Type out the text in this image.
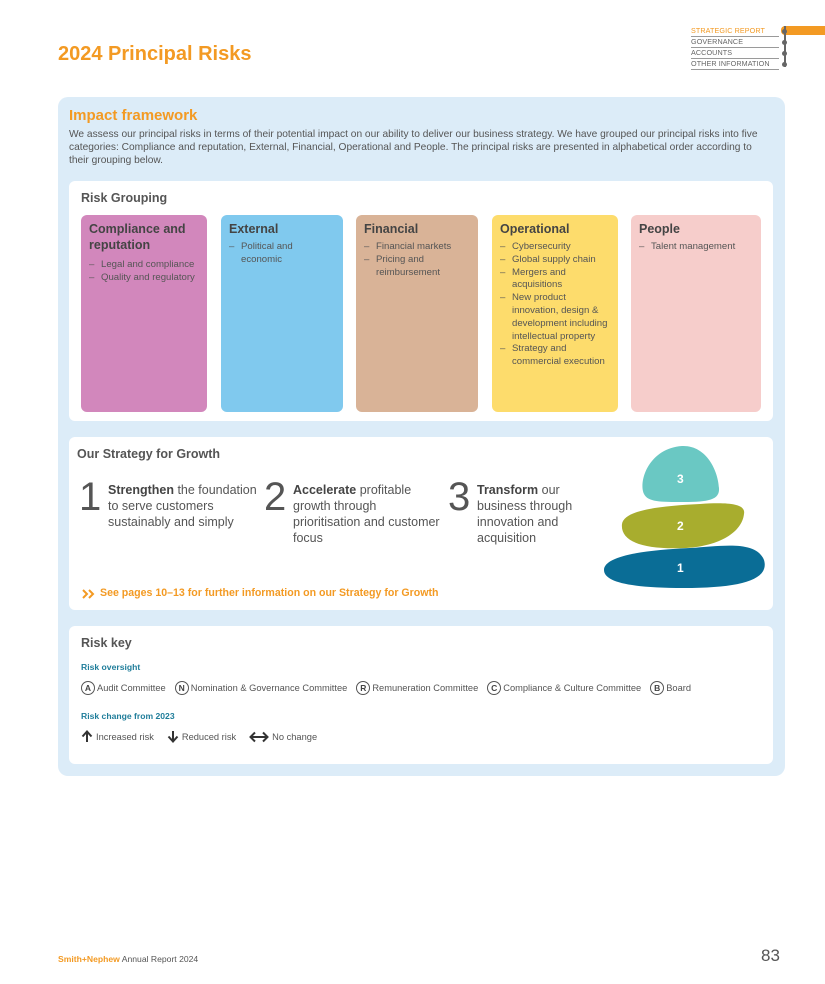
2024 Principal Risks
STRATEGIC REPORT
GOVERNANCE
ACCOUNTS
OTHER INFORMATION
Impact framework
We assess our principal risks in terms of their potential impact on our ability to deliver our business strategy. We have grouped our principal risks into five categories: Compliance and reputation, External, Financial, Operational and People. The principal risks are presented in alphabetical order according to their grouping below.
Risk Grouping
Compliance and reputation
– Legal and compliance
– Quality and regulatory
External
– Political and economic
Financial
– Financial markets
– Pricing and reimbursement
Operational
– Cybersecurity
– Global supply chain
– Mergers and acquisitions
– New product innovation, design & development including intellectual property
– Strategy and commercial execution
People
– Talent management
Our Strategy for Growth
1 Strengthen the foundation to serve customers sustainably and simply
2 Accelerate profitable growth through prioritisation and customer focus
3 Transform our business through innovation and acquisition
3
2
1
See pages 10–13 for further information on our Strategy for Growth
Risk key
Risk oversight
A Audit Committee	N Nomination & Governance Committee	R Remuneration Committee	C Compliance & Culture Committee	B Board
Risk change from 2023
Increased risk	Reduced risk	No change
Smith+Nephew Annual Report 2024	83
